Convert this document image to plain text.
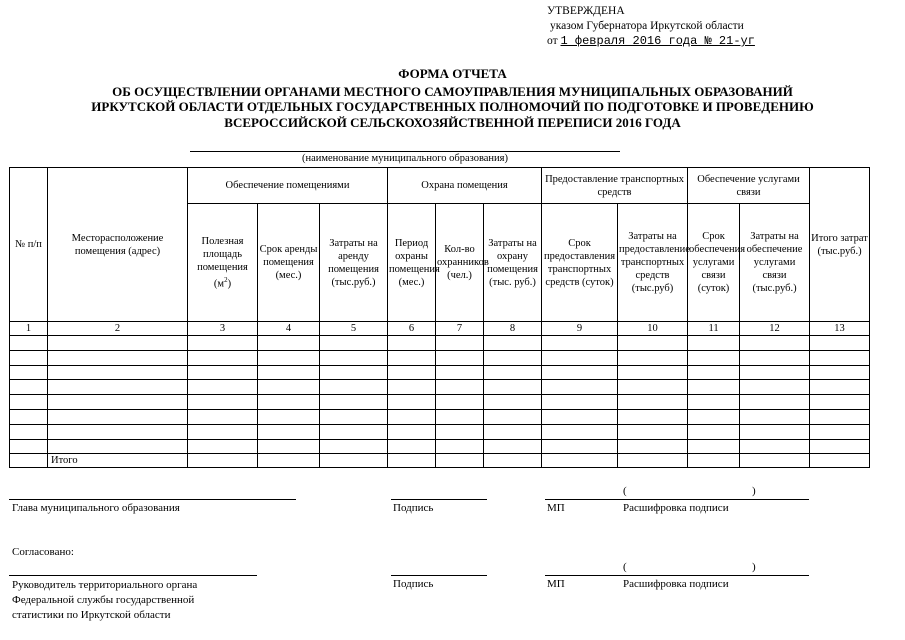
УТВЕРЖДЕНА
указом Губернатора Иркутской области
от 1 февраля 2016 года № 21-уг
ФОРМА ОТЧЕТА
ОБ ОСУЩЕСТВЛЕНИИ ОРГАНАМИ МЕСТНОГО САМОУПРАВЛЕНИЯ МУНИЦИПАЛЬНЫХ ОБРАЗОВАНИЙ
ИРКУТСКОЙ ОБЛАСТИ ОТДЕЛЬНЫХ ГОСУДАРСТВЕННЫХ ПОЛНОМОЧИЙ ПО ПОДГОТОВКЕ И ПРОВЕДЕНИЮ
ВСЕРОССИЙСКОЙ СЕЛЬСКОХОЗЯЙСТВЕННОЙ ПЕРЕПИСИ 2016 ГОДА
(наименование муниципального образования)
№ п/п	Месторасположение помещения (адрес)	Обеспечение помещениями			Охрана помещения			Предоставление транспортных средств		Обеспечение услугами связи		Итого затрат (тыс.руб.)
		Полезная площадь помещения $(м^2)$	Срок аренды помещения (мес.)	Затраты на аренду помещения (тыс.руб.)	Период охраны помещения (мес.)	Кол-во охранников (чел.)	Затраты на охрану помещения (тыс. руб.)	Срок предоставления транспортных средств (суток)	Затраты на предоставление транспортных средств (тыс.руб)	Срок обеспечения услугами связи (суток)	Затраты на обеспечение услугами связи (тыс.руб.)	
1	2	3	4	5	6	7	8	9	10	11	12	13

	Итого											
Глава муниципального образования	Подпись	МП	Расшифровка подписи
(	)
Согласовано:
Руководитель территориального органа
Федеральной службы государственной
статистики по Иркутской области
Подпись	МП	Расшифровка подписи
(	)
